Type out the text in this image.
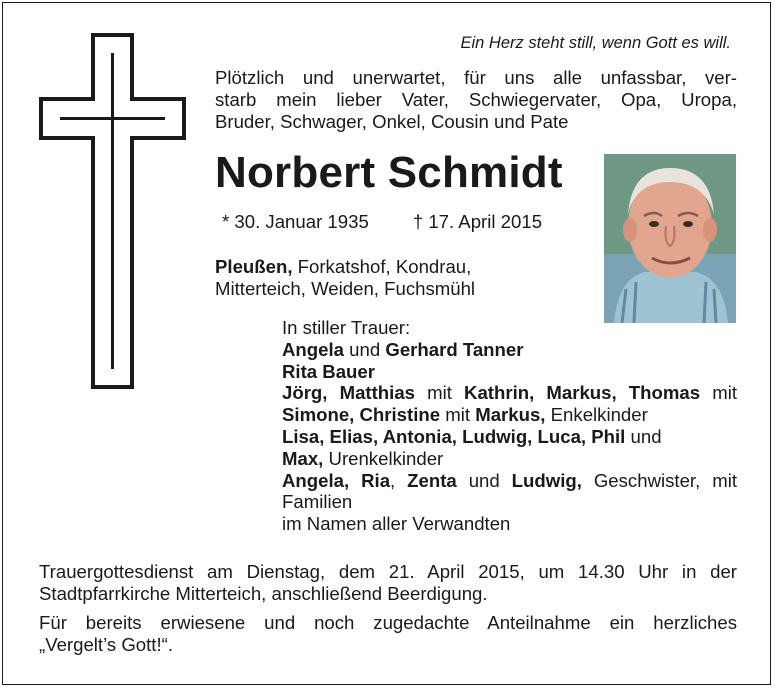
Ein Herz steht still, wenn Gott es will.
Plötzlich und unerwartet, für uns alle unfassbar, ver-
starb mein lieber Vater, Schwiegervater, Opa, Uropa,
Bruder, Schwager, Onkel, Cousin und Pate
Norbert Schmidt
* 30. Januar 1935 † 17. April 2015
Pleußen, Forkatshof, Kondrau,
Mitterteich, Weiden, Fuchsmühl
In stiller Trauer:
Angela und Gerhard Tanner
Rita Bauer
Jörg, Matthias mit Kathrin, Markus, Thomas mit
Simone, Christine mit Markus, Enkelkinder
Lisa, Elias, Antonia, Ludwig, Luca, Phil und
Max, Urenkelkinder
Angela, Ria, Zenta und Ludwig, Geschwister, mit
Familien
im Namen aller Verwandten
Trauergottesdienst am Dienstag, dem 21. April 2015, um 14.30 Uhr in der
Stadtpfarrkirche Mitterteich, anschließend Beerdigung.
Für bereits erwiesene und noch zugedachte Anteilnahme ein herzliches
„Vergelt’s Gott!“.
